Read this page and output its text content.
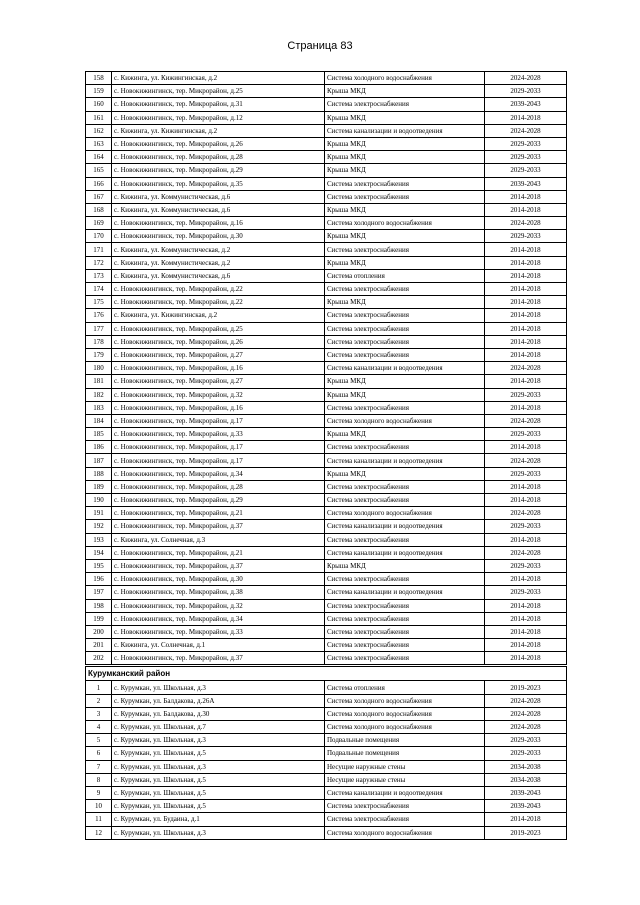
Страница 83
158	с. Кижинга, ул. Кижингинская, д.2	Система холодного водоснабжения	2024-2028
159	с. Новокижингинск, тер. Микрорайон, д.25	Крыша МКД	2029-2033
160	с. Новокижингинск, тер. Микрорайон, д.31	Система электроснабжения	2039-2043
161	с. Новокижингинск, тер. Микрорайон, д.12	Крыша МКД	2014-2018
162	с. Кижинга, ул. Кижингинская, д.2	Система канализации и водоотведения	2024-2028
163	с. Новокижингинск, тер. Микрорайон, д.26	Крыша МКД	2029-2033
164	с. Новокижингинск, тер. Микрорайон, д.28	Крыша МКД	2029-2033
165	с. Новокижингинск, тер. Микрорайон, д.29	Крыша МКД	2029-2033
166	с. Новокижингинск, тер. Микрорайон, д.35	Система электроснабжения	2039-2043
167	с. Кижинга, ул. Коммунистическая, д.6	Система электроснабжения	2014-2018
168	с. Кижинга, ул. Коммунистическая, д.6	Крыша МКД	2014-2018
169	с. Новокижингинск, тер. Микрорайон, д.16	Система холодного водоснабжения	2024-2028
170	с. Новокижингинск, тер. Микрорайон, д.30	Крыша МКД	2029-2033
171	с. Кижинга, ул. Коммунистическая, д.2	Система электроснабжения	2014-2018
172	с. Кижинга, ул. Коммунистическая, д.2	Крыша МКД	2014-2018
173	с. Кижинга, ул. Коммунистическая, д.6	Система отопления	2014-2018
174	с. Новокижингинск, тер. Микрорайон, д.22	Система электроснабжения	2014-2018
175	с. Новокижингинск, тер. Микрорайон, д.22	Крыша МКД	2014-2018
176	с. Кижинга, ул. Кижингинская, д.2	Система электроснабжения	2014-2018
177	с. Новокижингинск, тер. Микрорайон, д.25	Система электроснабжения	2014-2018
178	с. Новокижингинск, тер. Микрорайон, д.26	Система электроснабжения	2014-2018
179	с. Новокижингинск, тер. Микрорайон, д.27	Система электроснабжения	2014-2018
180	с. Новокижингинск, тер. Микрорайон, д.16	Система канализации и водоотведения	2024-2028
181	с. Новокижингинск, тер. Микрорайон, д.27	Крыша МКД	2014-2018
182	с. Новокижингинск, тер. Микрорайон, д.32	Крыша МКД	2029-2033
183	с. Новокижингинск, тер. Микрорайон, д.16	Система электроснабжения	2014-2018
184	с. Новокижингинск, тер. Микрорайон, д.17	Система холодного водоснабжения	2024-2028
185	с. Новокижингинск, тер. Микрорайон, д.33	Крыша МКД	2029-2033
186	с. Новокижингинск, тер. Микрорайон, д.17	Система электроснабжения	2014-2018
187	с. Новокижингинск, тер. Микрорайон, д.17	Система канализации и водоотведения	2024-2028
188	с. Новокижингинск, тер. Микрорайон, д.34	Крыша МКД	2029-2033
189	с. Новокижингинск, тер. Микрорайон, д.28	Система электроснабжения	2014-2018
190	с. Новокижингинск, тер. Микрорайон, д.29	Система электроснабжения	2014-2018
191	с. Новокижингинск, тер. Микрорайон, д.21	Система холодного водоснабжения	2024-2028
192	с. Новокижингинск, тер. Микрорайон, д.37	Система канализации и водоотведения	2029-2033
193	с. Кижинга, ул. Солнечная, д.3	Система электроснабжения	2014-2018
194	с. Новокижингинск, тер. Микрорайон, д.21	Система канализации и водоотведения	2024-2028
195	с. Новокижингинск, тер. Микрорайон, д.37	Крыша МКД	2029-2033
196	с. Новокижингинск, тер. Микрорайон, д.30	Система электроснабжения	2014-2018
197	с. Новокижингинск, тер. Микрорайон, д.38	Система канализации и водоотведения	2029-2033
198	с. Новокижингинск, тер. Микрорайон, д.32	Система электроснабжения	2014-2018
199	с. Новокижингинск, тер. Микрорайон, д.34	Система электроснабжения	2014-2018
200	с. Новокижингинск, тер. Микрорайон, д.33	Система электроснабжения	2014-2018
201	с. Кижинга, ул. Солнечная, д.1	Система электроснабжения	2014-2018
202	с. Новокижингинск, тер. Микрорайон, д.37	Система электроснабжения	2014-2018
Курумканский район			
1	с. Курумкан, ул. Школьная, д.3	Система отопления	2019-2023
2	с. Курумкан, ул. Балдакова, д.26А	Система холодного водоснабжения	2024-2028
3	с. Курумкан, ул. Балдакова, д.30	Система холодного водоснабжения	2024-2028
4	с. Курумкан, ул. Школьная, д.7	Система холодного водоснабжения	2024-2028
5	с. Курумкан, ул. Школьная, д.3	Подвальные помещения	2029-2033
6	с. Курумкан, ул. Школьная, д.5	Подвальные помещения	2029-2033
7	с. Курумкан, ул. Школьная, д.3	Несущие наружные стены	2034-2038
8	с. Курумкан, ул. Школьная, д.5	Несущие наружные стены	2034-2038
9	с. Курумкан, ул. Школьная, д.5	Система канализации и водоотведения	2039-2043
10	с. Курумкан, ул. Школьная, д.5	Система электроснабжения	2039-2043
11	с. Курумкан, ул. Будаина, д.1	Система электроснабжения	2014-2018
12	с. Курумкан, ул. Школьная, д.3	Система холодного водоснабжения	2019-2023
